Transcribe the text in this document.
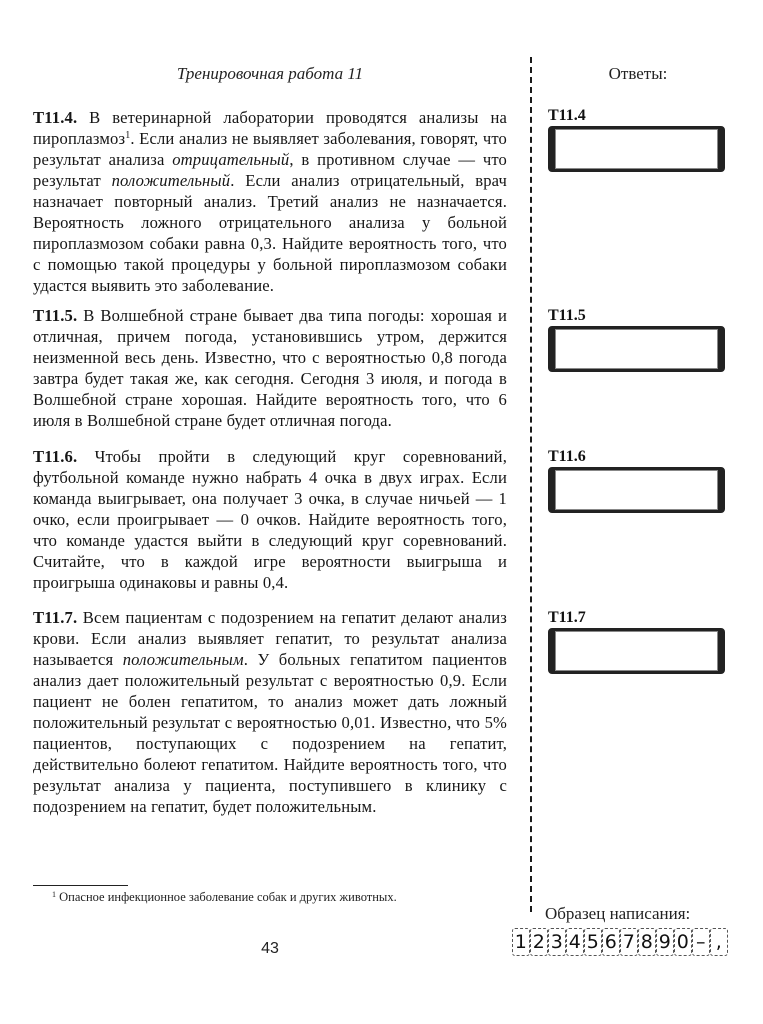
Тренировочная работа 11	Ответы:
Т11.4. В ветеринарной лаборатории проводятся анализы на пироплазмоз$^1$. Если анализ не выявляет заболевания, говорят, что результат анализа отрицательный, в противном случае — что результат положительный. Если анализ отрицательный, врач назначает повторный анализ. Третий анализ не назначается. Вероятность ложного отрицательного анализа у больной пироплазмозом собаки равна 0,3. Найдите вероятность того, что с помощью такой процедуры у больной пироплазмозом собаки удастся выявить это заболевание.
Т11.5. В Волшебной стране бывает два типа погоды: хорошая и отличная, причем погода, установившись утром, держится неизменной весь день. Известно, что с вероятностью 0,8 погода завтра будет такая же, как сегодня. Сегодня 3 июля, и погода в Волшебной стране хорошая. Найдите вероятность того, что 6 июля в Волшебной стране будет отличная погода.
Т11.6. Чтобы пройти в следующий круг соревнований, футбольной команде нужно набрать 4 очка в двух играх. Если команда выигрывает, она получает 3 очка, в случае ничьей — 1 очко, если проигрывает — 0 очков. Найдите вероятность того, что команде удастся выйти в следующий круг соревнований. Считайте, что в каждой игре вероятности выигрыша и проигрыша одинаковы и равны 0,4.
Т11.7. Всем пациентам с подозрением на гепатит делают анализ крови. Если анализ выявляет гепатит, то результат анализа называется положительным. У больных гепатитом пациентов анализ дает положительный результат с вероятностью 0,9. Если пациент не болен гепатитом, то анализ может дать ложный положительный результат с вероятностью 0,01. Известно, что 5% пациентов, поступающих с подозрением на гепатит, действительно болеют гепатитом. Найдите вероятность того, что результат анализа у пациента, поступившего в клинику с подозрением на гепатит, будет положительным.
Т11.4
Т11.5
Т11.6
Т11.7
$^1$ Опасное инфекционное заболевание собак и других животных.
43
Образец написания:
1 2 3 4 5 6 7 8 9 0 – ,
